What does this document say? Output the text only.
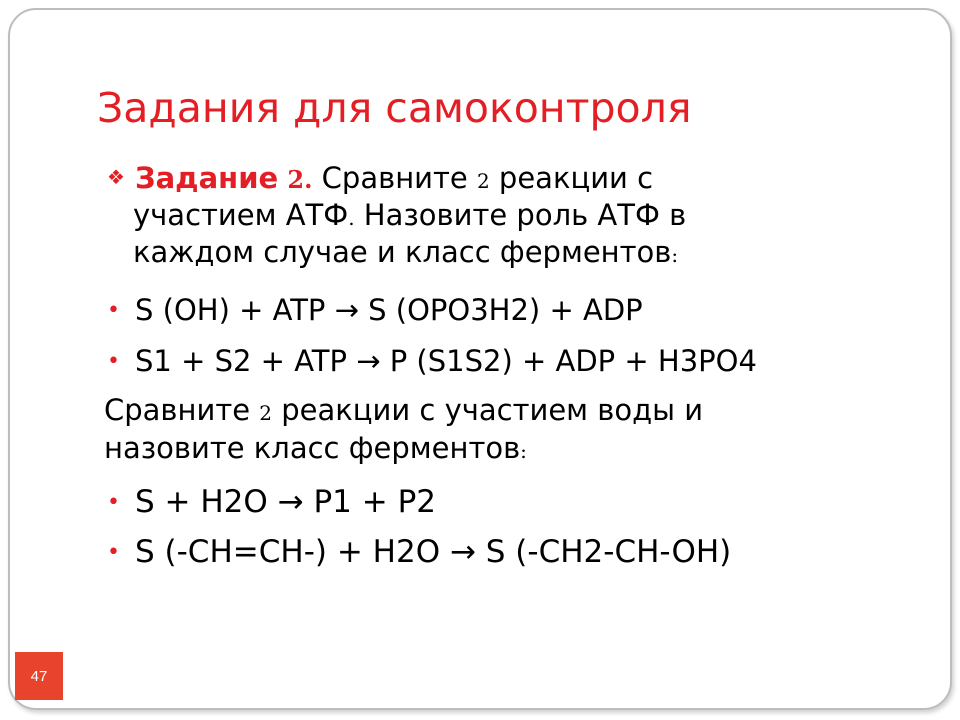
Задания для самоконтроля
❖ Задание 2. Сравните 2 реакции с
участием АТФ. Назовите роль АТФ в
каждом случае и класс ферментов:
• S (OH) + ATP → S (OPO3H2) + ADP
• S1 + S2 + ATP → P (S1S2) + ADP + H3PO4
Сравните 2 реакции с участием воды и
назовите класс ферментов:
• S + H2O → P1 + P2
• S (-CH=CH-) + H2O → S (-CH2-CH-OH)
47
